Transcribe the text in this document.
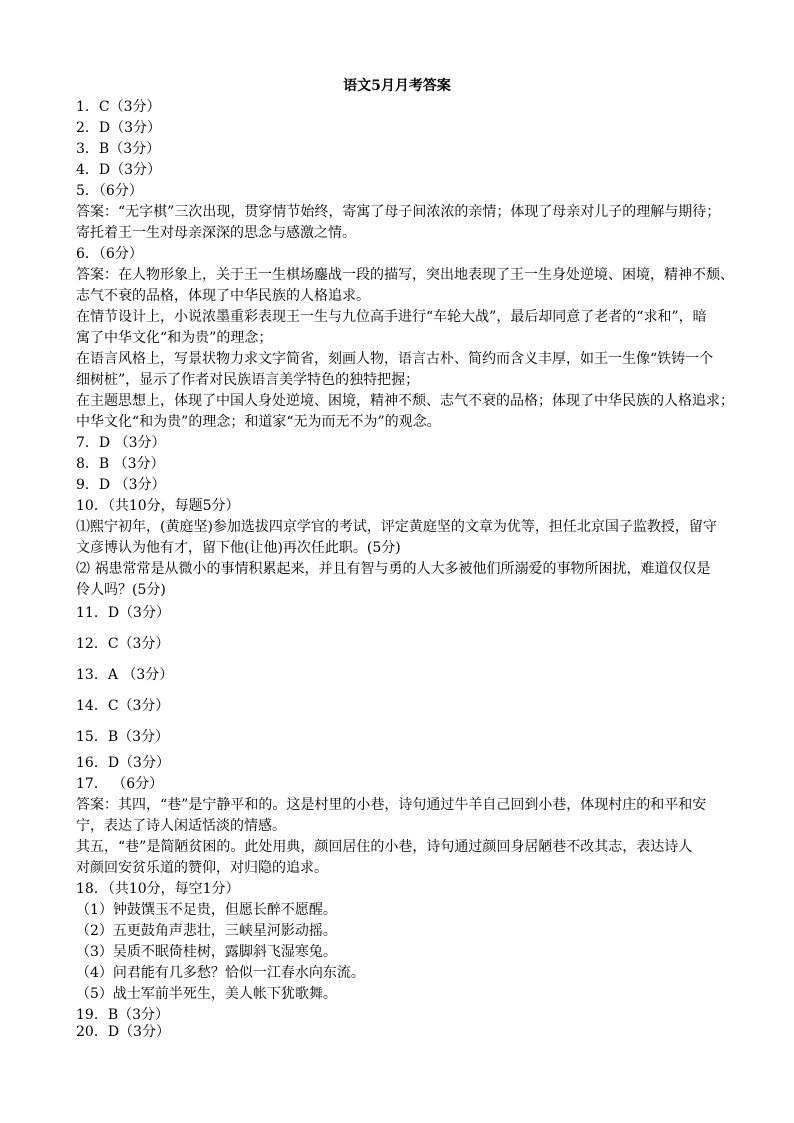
语文5月月考答案
1．C（3分）
2．D（3分）
3．B（3分）
4．D（3分）
5．（6分）
答案：“无字棋”三次出现，贯穿情节始终，寄寓了母子间浓浓的亲情；体现了母亲对儿子的理解与期待；
寄托着王一生对母亲深深的思念与感激之情。
6．（6分）
答案：在人物形象上，关于王一生棋场鏖战一段的描写，突出地表现了王一生身处逆境、困境，精神不颓、
志气不衰的品格，体现了中华民族的人格追求。
在情节设计上，小说浓墨重彩表现王一生与九位高手进行“车轮大战”，最后却同意了老者的“求和”，暗
寓了中华文化“和为贵”的理念；
在语言风格上，写景状物力求文字简省，刻画人物，语言古朴、简约而含义丰厚，如王一生像“铁铸一个
细树桩”，显示了作者对民族语言美学特色的独特把握；
在主题思想上，体现了中国人身处逆境、困境，精神不颓、志气不衰的品格；体现了中华民族的人格追求；
中华文化“和为贵”的理念；和道家“无为而无不为”的观念。
7．D （3分）
8．B （3分）
9．D （3分）
10．（共10分，每题5分）
⑴熙宁初年，(黄庭坚)参加选拔四京学官的考试，评定黄庭坚的文章为优等，担任北京国子监教授，留守
文彦博认为他有才，留下他(让他)再次任此职。(5分)
⑵ 祸患常常是从微小的事情积累起来，并且有智与勇的人大多被他们所溺爱的事物所困扰，难道仅仅是
伶人吗？(5分)
11．D（3分）
12．C（3分）
13．A （3分）
14．C（3分）
15．B（3分）
16．D（3分）
17． （6分）
答案：其四，“巷”是宁静平和的。这是村里的小巷，诗句通过牛羊自己回到小巷，体现村庄的和平和安
宁，表达了诗人闲适恬淡的情感。
其五，“巷”是简陋贫困的。此处用典，颜回居住的小巷，诗句通过颜回身居陋巷不改其志，表达诗人
对颜回安贫乐道的赞仰，对归隐的追求。
18．（共10分，每空1分）
（1）钟鼓馔玉不足贵，但愿长醉不愿醒。
（2）五更鼓角声悲壮，三峡星河影动摇。
（3）吴质不眠倚桂树，露脚斜飞湿寒兔。
（4）问君能有几多愁？恰似一江春水向东流。
（5）战士军前半死生，美人帐下犹歌舞。
19．B（3分）
20．D（3分）
